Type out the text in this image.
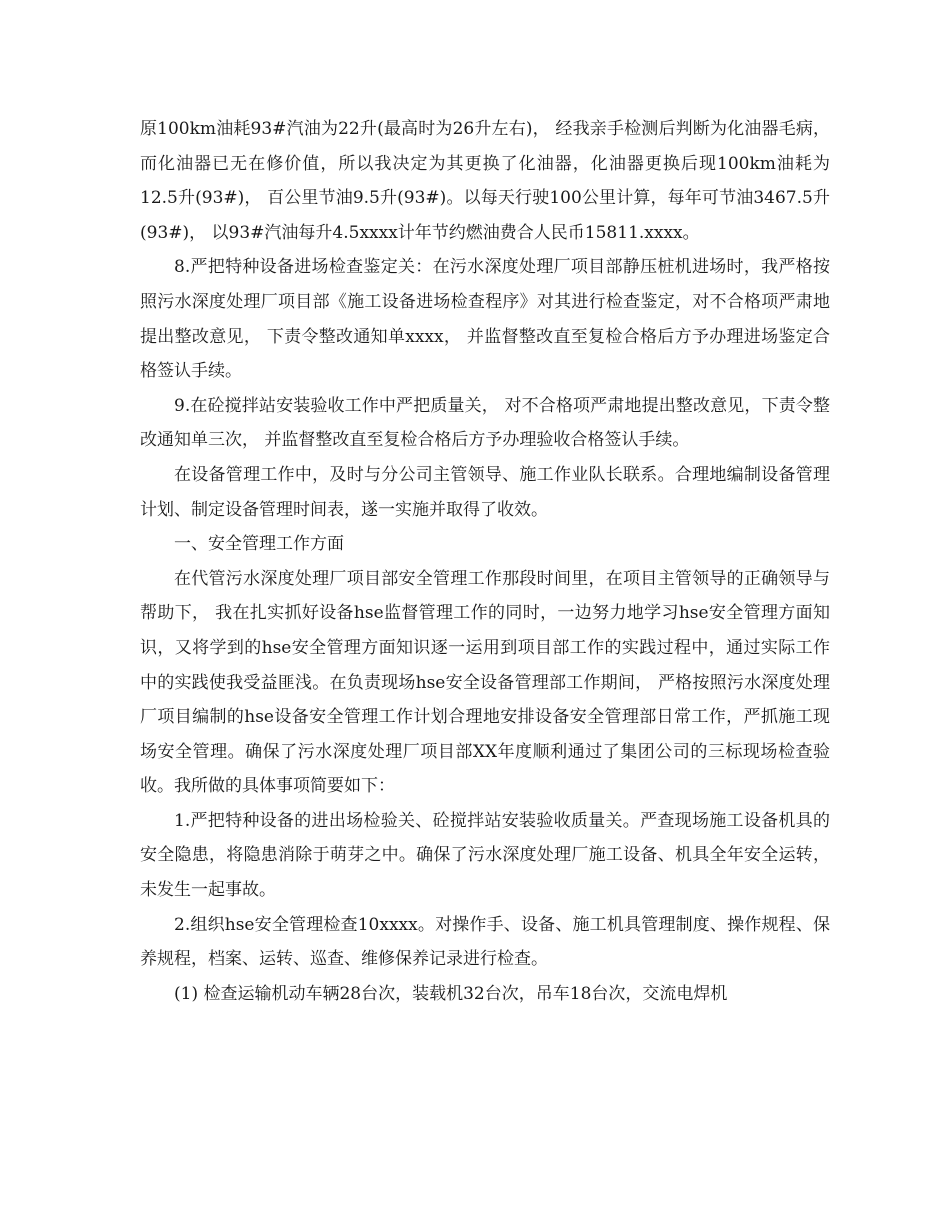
原100km油耗93#汽油为22升(最高时为26升左右)， 经我亲手检测后判断为化油器毛病，而化油器已无在修价值，所以我决定为其更换了化油器，化油器更换后现100km油耗为12.5升(93#)， 百公里节油9.5升(93#)。以每天行驶100公里计算，每年可节油3467.5升(93#)， 以93#汽油每升4.5xxxx计年节约燃油费合人民币15811.xxxx。

8.严把特种设备进场检查鉴定关：在污水深度处理厂项目部静压桩机进场时，我严格按照污水深度处理厂项目部《施工设备进场检查程序》对其进行检查鉴定，对不合格项严肃地提出整改意见， 下责令整改通知单xxxx， 并监督整改直至复检合格后方予办理进场鉴定合格签认手续。

9.在砼搅拌站安装验收工作中严把质量关， 对不合格项严肃地提出整改意见，下责令整改通知单三次， 并监督整改直至复检合格后方予办理验收合格签认手续。

在设备管理工作中，及时与分公司主管领导、施工作业队长联系。合理地编制设备管理计划、制定设备管理时间表，遂一实施并取得了收效。

一、安全管理工作方面

在代管污水深度处理厂项目部安全管理工作那段时间里，在项目主管领导的正确领导与帮助下， 我在扎实抓好设备hse监督管理工作的同时，一边努力地学习hse安全管理方面知识，又将学到的hse安全管理方面知识逐一运用到项目部工作的实践过程中，通过实际工作中的实践使我受益匪浅。在负责现场hse安全设备管理部工作期间， 严格按照污水深度处理厂项目编制的hse设备安全管理工作计划合理地安排设备安全管理部日常工作，严抓施工现场安全管理。确保了污水深度处理厂项目部XX年度顺利通过了集团公司的三标现场检查验收。我所做的具体事项简要如下：

1.严把特种设备的进出场检验关、砼搅拌站安装验收质量关。严查现场施工设备机具的安全隐患，将隐患消除于萌芽之中。确保了污水深度处理厂施工设备、机具全年安全运转，未发生一起事故。

2.组织hse安全管理检查10xxxx。对操作手、设备、施工机具管理制度、操作规程、保养规程，档案、运转、巡查、维修保养记录进行检查。

(1) 检查运输机动车辆28台次，装载机32台次，吊车18台次，交流电焊机
